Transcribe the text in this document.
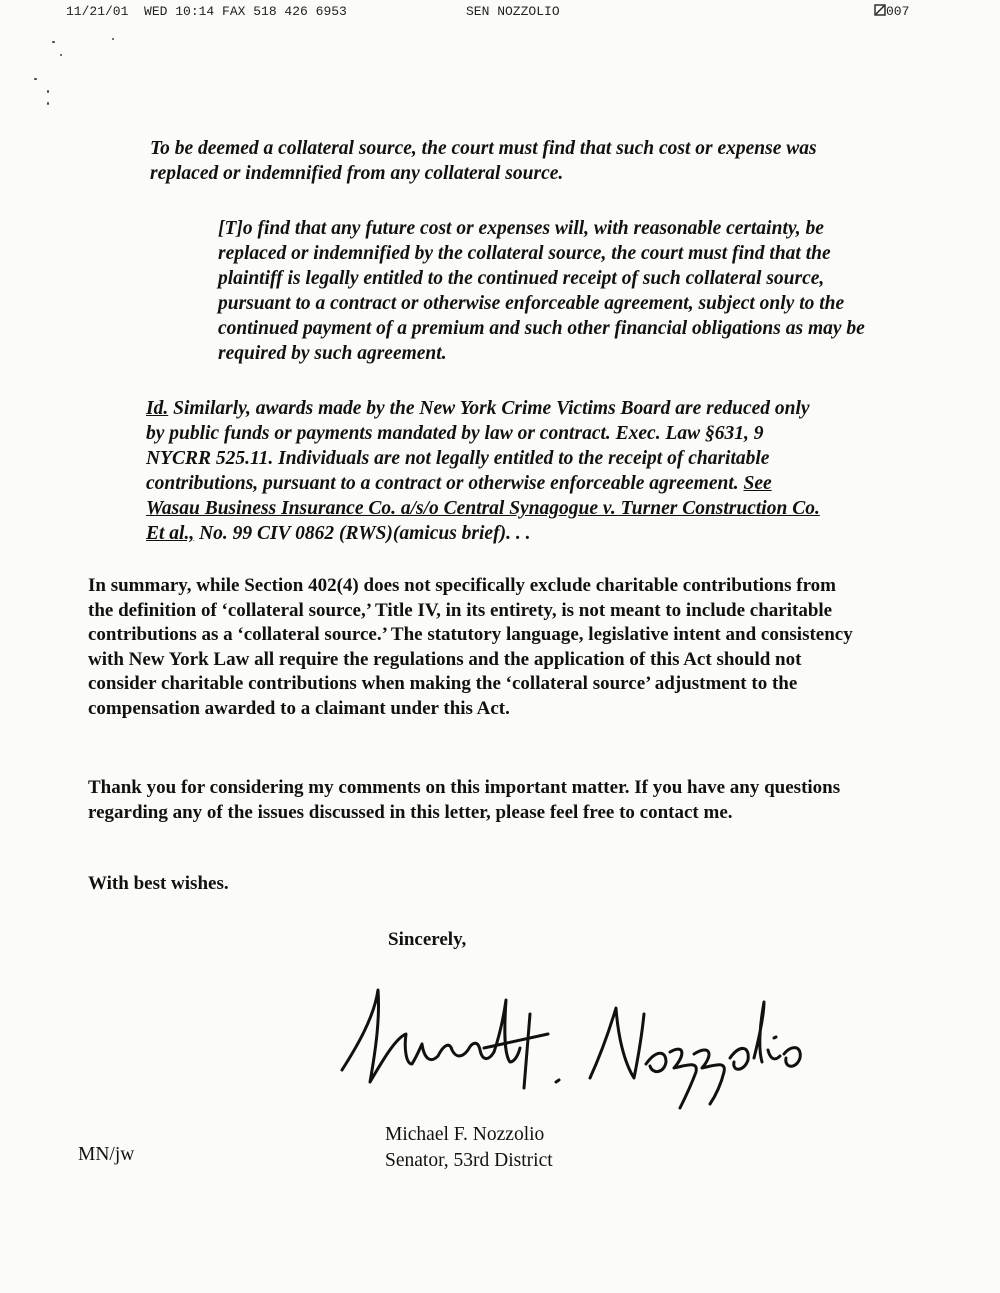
11/21/01  WED 10:14 FAX 518 426 6953	SEN NOZZOLIO	007
To be deemed a collateral source, the court must find that such cost or expense was replaced or indemnified from any collateral source.
[T]o find that any future cost or expenses will, with reasonable certainty, be replaced or indemnified by the collateral source, the court must find that the plaintiff is legally entitled to the continued receipt of such collateral source, pursuant to a contract or otherwise enforceable agreement, subject only to the continued payment of a premium and such other financial obligations as may be required by such agreement.
Id. Similarly, awards made by the New York Crime Victims Board are reduced only by public funds or payments mandated by law or contract. Exec. Law §631, 9 NYCRR 525.11. Individuals are not legally entitled to the receipt of charitable contributions, pursuant to a contract or otherwise enforceable agreement. See Wasau Business Insurance Co. a/s/o Central Synagogue v. Turner Construction Co. Et al., No. 99 CIV 0862 (RWS)(amicus brief). . .
In summary, while Section 402(4) does not specifically exclude charitable contributions from the definition of ‘collateral source,’ Title IV, in its entirety, is not meant to include charitable contributions as a ‘collateral source.’ The statutory language, legislative intent and consistency with New York Law all require the regulations and the application of this Act should not consider charitable contributions when making the ‘collateral source’ adjustment to the compensation awarded to a claimant under this Act.
Thank you for considering my comments on this important matter. If you have any questions regarding any of the issues discussed in this letter, please feel free to contact me.
With best wishes.
Sincerely,
Michael F. Nozzolio
Senator, 53rd District
MN/jw
